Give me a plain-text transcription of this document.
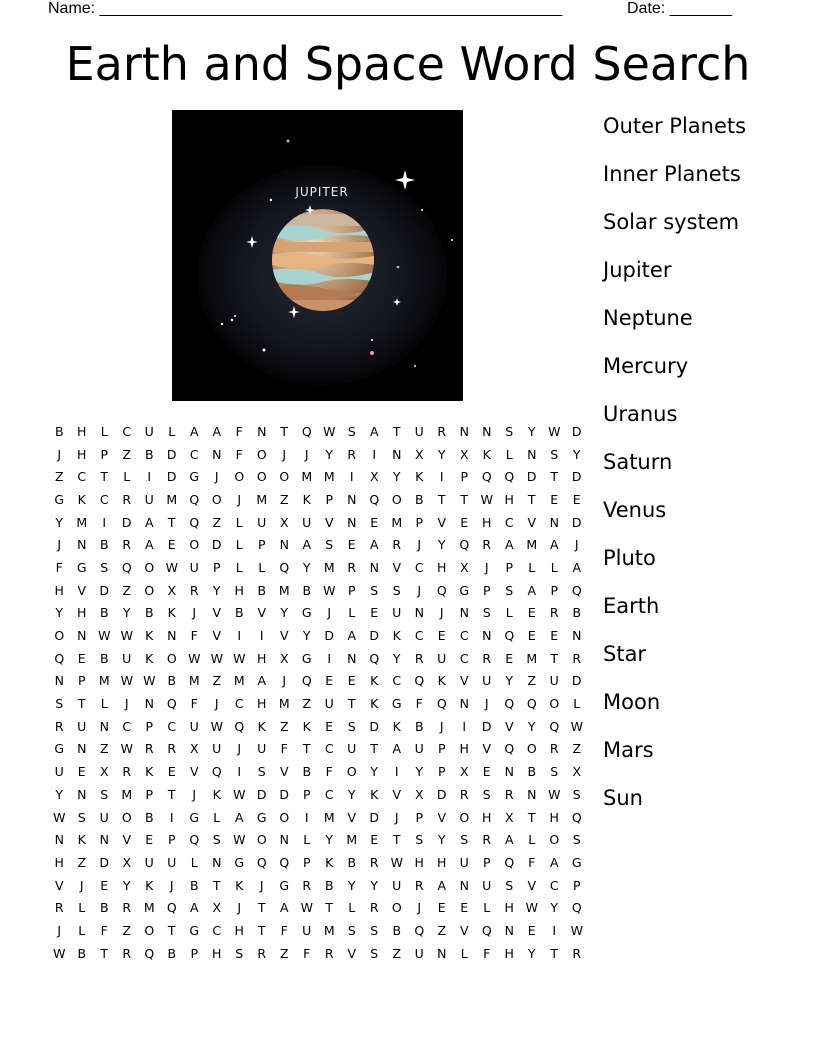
Name: ____________________________________________________	Date: _______
Earth and Space Word Search
JUPITER
B	H	L	C	U	L	A	A	F	N	T	Q W S	A	T	U	R	N	N	S	Y	W D
J	H	P	Z	B	D	C	N	F	O	J	J	Y	R	I	N	X	Y	X	K	L	N	S	Y
Z	C	T	L	I	D	G	J	O	O	O M M	I	X	Y	K	I	P	Q	Q	D	T	D
G	K	C	R	U	M Q	O	J	M	Z	K	P	N	Q	O	B	T	T	W H	T	E	E
Y	M	I	D	A	T	Q	Z	L	U	X	U	V	N	E	M	P	V	E	H	C	V	N	D
J	N	B	R	A	E	O	D	L	P	N	A	S	E	A	R	J	Y	Q	R	A	M	A	J
F	G	S	Q	O W U	P	L	L	Q	Y	M	R	N	V	C	H	X	J	P	L	L	A
H	V	D	Z	O	X	R	Y	H	B	M	B W	P	S	S	J	Q	G	P	S	A	P	Q
Y	H	B	Y	B	K	J	V	B	V	Y	G	J	L	E	U	N	J	N	S	L	E	R	B
O	N W W K	N	F	V	I	I	V	Y	D	A	D	K	C	E	C	N	Q	E	E	N
Q	E	B	U	K	O W W W H	X	G	I	N	Q	Y	R	U	C	R	E	M	T	R
N	P	M W W B	M	Z	M	A	J	Q	E	E	K	C	Q	K	V	U	Y	Z	U	D
S	T	L	J	N	Q	F	J	C	H M	Z	U	T	K	G	F	Q	N	J	Q	Q	O	L
R	U	N	C	P	C	U W Q	K	Z	K	E	S	D	K	B	J	I	D	V	Y	Q W
G	N	Z W R	R	X	U	J	U	F	T	C	U	T	A	U	P	H	V	Q	O	R	Z
U	E	X	R	K	E	V	Q	I	S	V	B	F	O	Y	I	Y	P	X	E	N	B	S	X
Y	N	S	M	P	T	J	K W D	D	P	C	Y	K	V	X	D	R	S	R	N W S
W S	U	O	B	I	G	L	A	G	O	I	M	V	D	J	P	V	O	H	X	T	H	Q
N	K	N	V	E	P	Q	S W O	N	L	Y	M	E	T	S	Y	S	R	A	L	O	S
H	Z	D	X	U	U	L	N	G	Q	Q	P	K	B	R W H	H	U	P	Q	F	A	G
V	J	E	Y	K	J	B	T	K	J	G	R	B	Y	Y	U	R	A	N	U	S	V	C	P
R	L	B	R	M Q	A	X	J	T	A W T	L	R	O	J	E	E	L	H W Y	Q
J	L	F	Z	O	T	G	C	H	T	F	U	M	S	S	B	Q	Z	V	Q	N	E	I	W
W B	T	R	Q	B	P	H	S	R	Z	F	R	V	S	Z	U	N	L	F	H	Y	T	R
Outer Planets
Inner Planets
Solar system
Jupiter
Neptune
Mercury
Uranus
Saturn
Venus
Pluto
Earth
Star
Moon
Mars
Sun
